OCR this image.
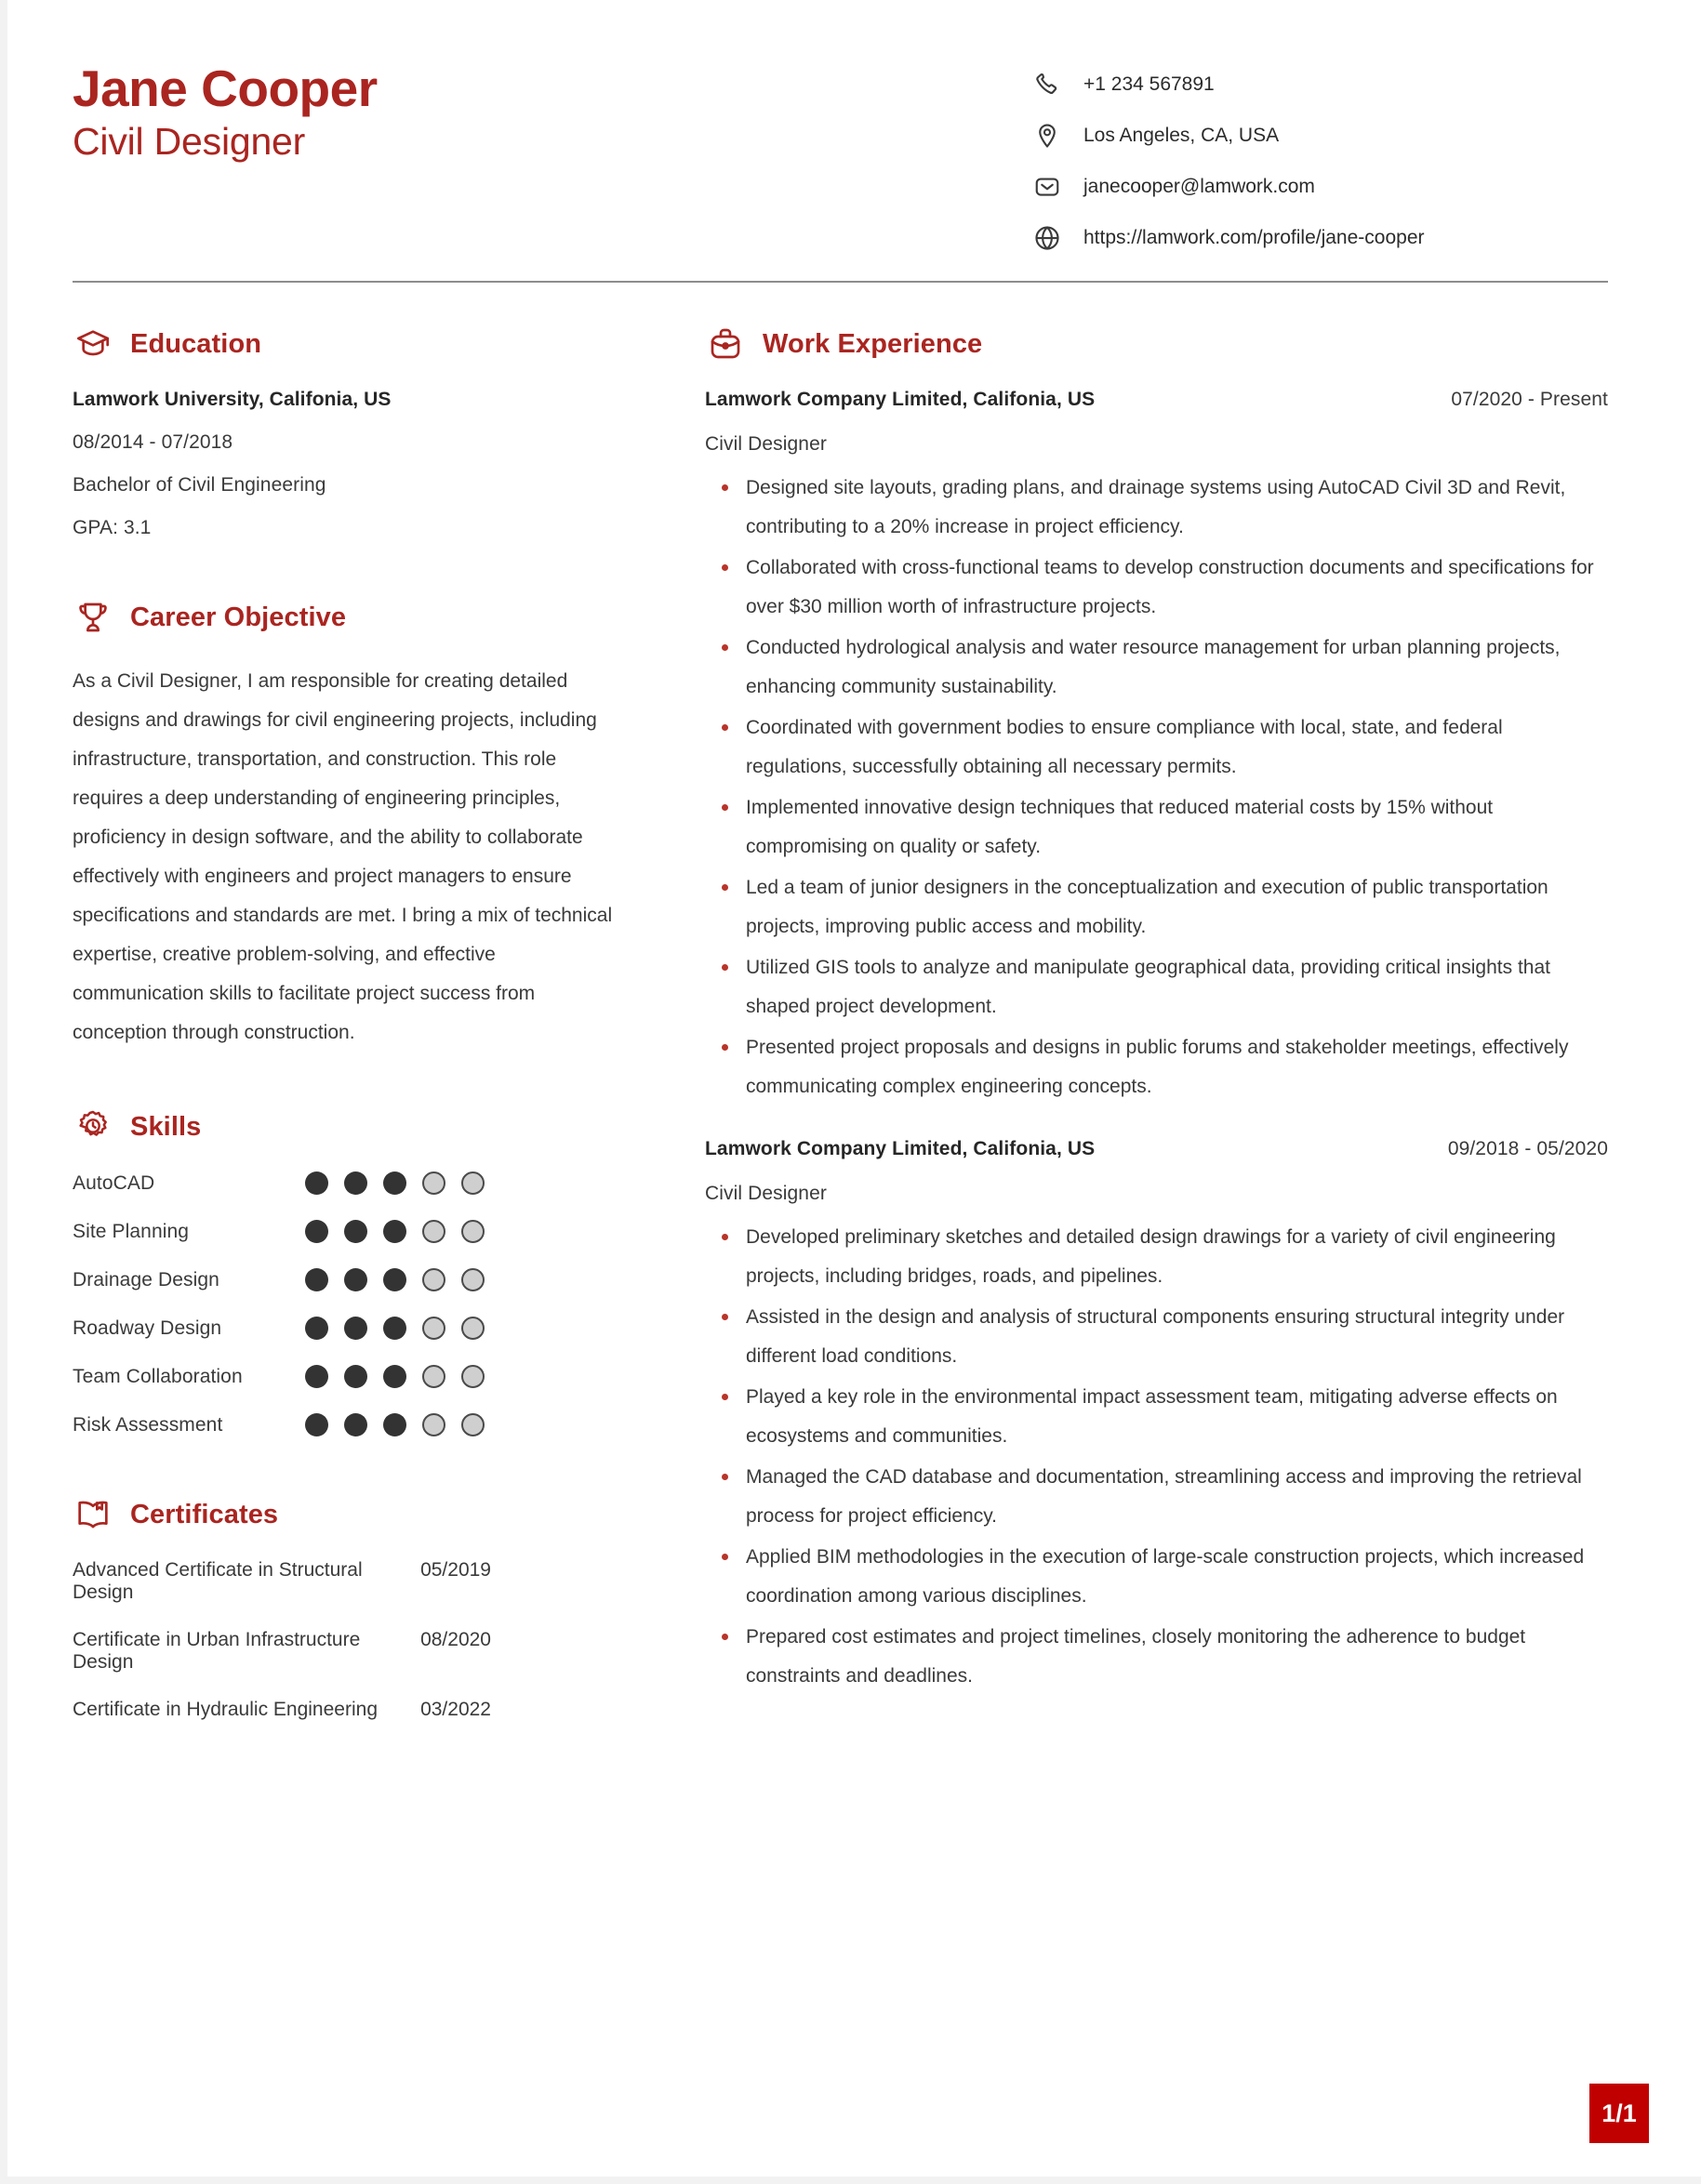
Jane Cooper
Civil Designer
+1 234 567891
Los Angeles, CA, USA
janecooper@lamwork.com
https://lamwork.com/profile/jane-cooper
Education
Lamwork University, Califonia, US
08/2014 - 07/2018
Bachelor of Civil Engineering
GPA: 3.1
Career Objective
As a Civil Designer, I am responsible for creating detailed designs and drawings for civil engineering projects, including infrastructure, transportation, and construction. This role requires a deep understanding of engineering principles, proficiency in design software, and the ability to collaborate effectively with engineers and project managers to ensure specifications and standards are met. I bring a mix of technical expertise, creative problem-solving, and effective communication skills to facilitate project success from conception through construction.
Skills
AutoCAD
Site Planning
Drainage Design
Roadway Design
Team Collaboration
Risk Assessment
Certificates
Advanced Certificate in Structural Design
05/2019
Certificate in Urban Infrastructure Design
08/2020
Certificate in Hydraulic Engineering 03/2022
Work Experience
Lamwork Company Limited, Califonia, US	07/2020 - Present
Civil Designer
Designed site layouts, grading plans, and drainage systems using AutoCAD Civil 3D and Revit, contributing to a 20% increase in project efficiency.
Collaborated with cross-functional teams to develop construction documents and specifications for over $30 million worth of infrastructure projects.
Conducted hydrological analysis and water resource management for urban planning projects, enhancing community sustainability.
Coordinated with government bodies to ensure compliance with local, state, and federal regulations, successfully obtaining all necessary permits.
Implemented innovative design techniques that reduced material costs by 15% without compromising on quality or safety.
Led a team of junior designers in the conceptualization and execution of public transportation projects, improving public access and mobility.
Utilized GIS tools to analyze and manipulate geographical data, providing critical insights that shaped project development.
Presented project proposals and designs in public forums and stakeholder meetings, effectively communicating complex engineering concepts.
Lamwork Company Limited, Califonia, US	09/2018 - 05/2020
Civil Designer
Developed preliminary sketches and detailed design drawings for a variety of civil engineering projects, including bridges, roads, and pipelines.
Assisted in the design and analysis of structural components ensuring structural integrity under different load conditions.
Played a key role in the environmental impact assessment team, mitigating adverse effects on ecosystems and communities.
Managed the CAD database and documentation, streamlining access and improving the retrieval process for project efficiency.
Applied BIM methodologies in the execution of large-scale construction projects, which increased coordination among various disciplines.
Prepared cost estimates and project timelines, closely monitoring the adherence to budget constraints and deadlines.
1/1
